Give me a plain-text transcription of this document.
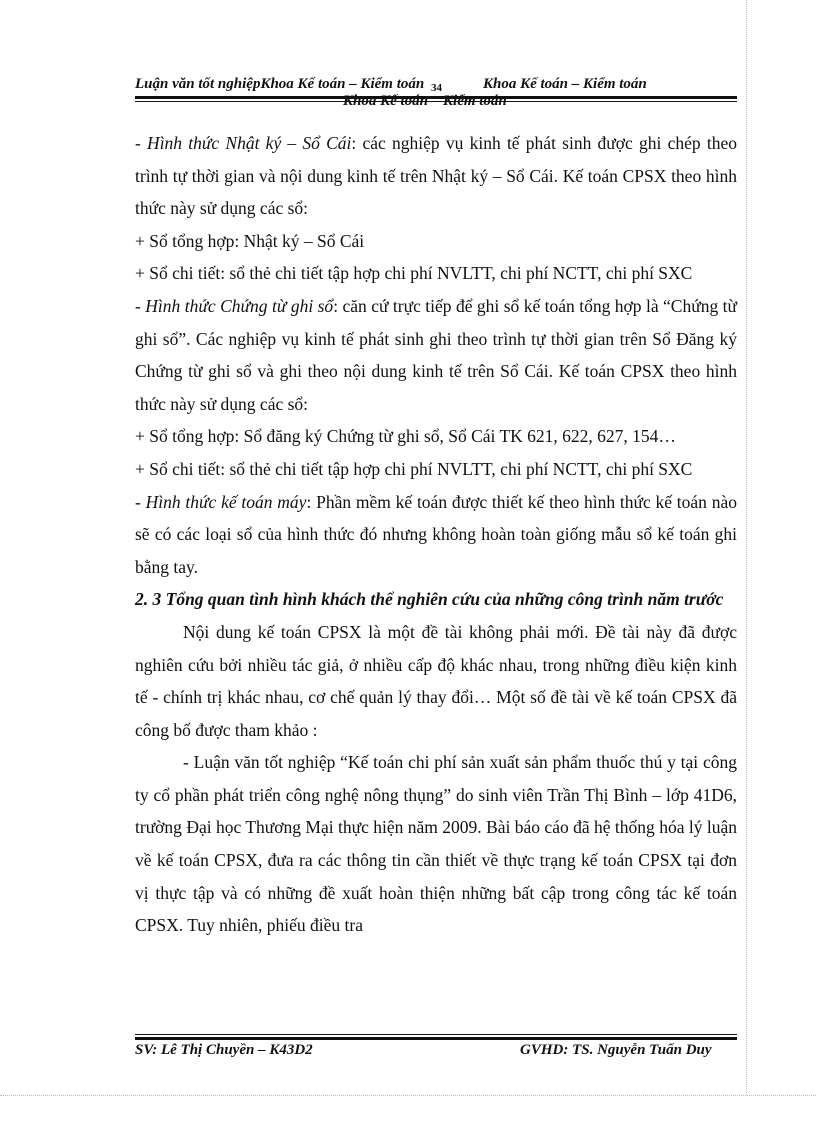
Luận văn tốt nghiệpKhoa Kế toán – Kiểm toán	Khoa Kế toán – Kiểm toán
34
Khoa Kế toán – Kiểm toán

- Hình thức Nhật ký – Sổ Cái: các nghiệp vụ kinh tế phát sinh được ghi chép theo trình tự thời gian và nội dung kinh tế trên Nhật ký – Sổ Cái. Kế toán CPSX theo hình thức này sử dụng các sổ:

+ Sổ tổng hợp: Nhật ký – Sổ Cái

+ Sổ chi tiết: sổ thẻ chi tiết tập hợp chi phí NVLTT, chi phí NCTT, chi phí SXC

- Hình thức Chứng từ ghi sổ: căn cứ trực tiếp để ghi sổ kế toán tổng hợp là “Chứng từ ghi sổ”. Các nghiệp vụ kinh tế phát sinh ghi theo trình tự thời gian trên Sổ Đăng ký Chứng từ ghi sổ và ghi theo nội dung kinh tế trên Sổ Cái. Kế toán CPSX theo hình thức này sử dụng các sổ:

+ Sổ tổng hợp: Sổ đăng ký Chứng từ ghi sổ, Sổ Cái TK 621, 622, 627, 154…

+ Sổ chi tiết: sổ thẻ chi tiết tập hợp chi phí NVLTT, chi phí NCTT, chi phí SXC

- Hình thức kế toán máy: Phần mềm kế toán được thiết kế theo hình thức kế toán nào sẽ có các loại sổ của hình thức đó nhưng không hoàn toàn giống mẫu sổ kế toán ghi bằng tay.

2. 3 Tổng quan tình hình khách thể nghiên cứu của những công trình năm trước

Nội dung kế toán CPSX là một đề tài không phải mới. Đề tài này đã được nghiên cứu bởi nhiều tác giả, ở nhiều cấp độ khác nhau, trong những điều kiện kinh tế - chính trị khác nhau, cơ chế quản lý thay đổi… Một số đề tài về kế toán CPSX đã công bố được tham khảo :

- Luận văn tốt nghiệp “Kế toán chi phí sản xuất sản phẩm thuốc thú y tại công ty cổ phần phát triển công nghệ nông thụng” do sinh viên Trần Thị Bình – lớp 41D6, trường Đại học Thương Mại thực hiện năm 2009. Bài báo cáo đã hệ thống hóa lý luận về kế toán CPSX, đưa ra các thông tin cần thiết về thực trạng kế toán CPSX tại đơn vị thực tập và có những đề xuất hoàn thiện những bất cập trong công tác kế toán CPSX. Tuy nhiên, phiếu điều tra

SV: Lê Thị Chuyền – K43D2	GVHD: TS. Nguyễn Tuấn Duy
